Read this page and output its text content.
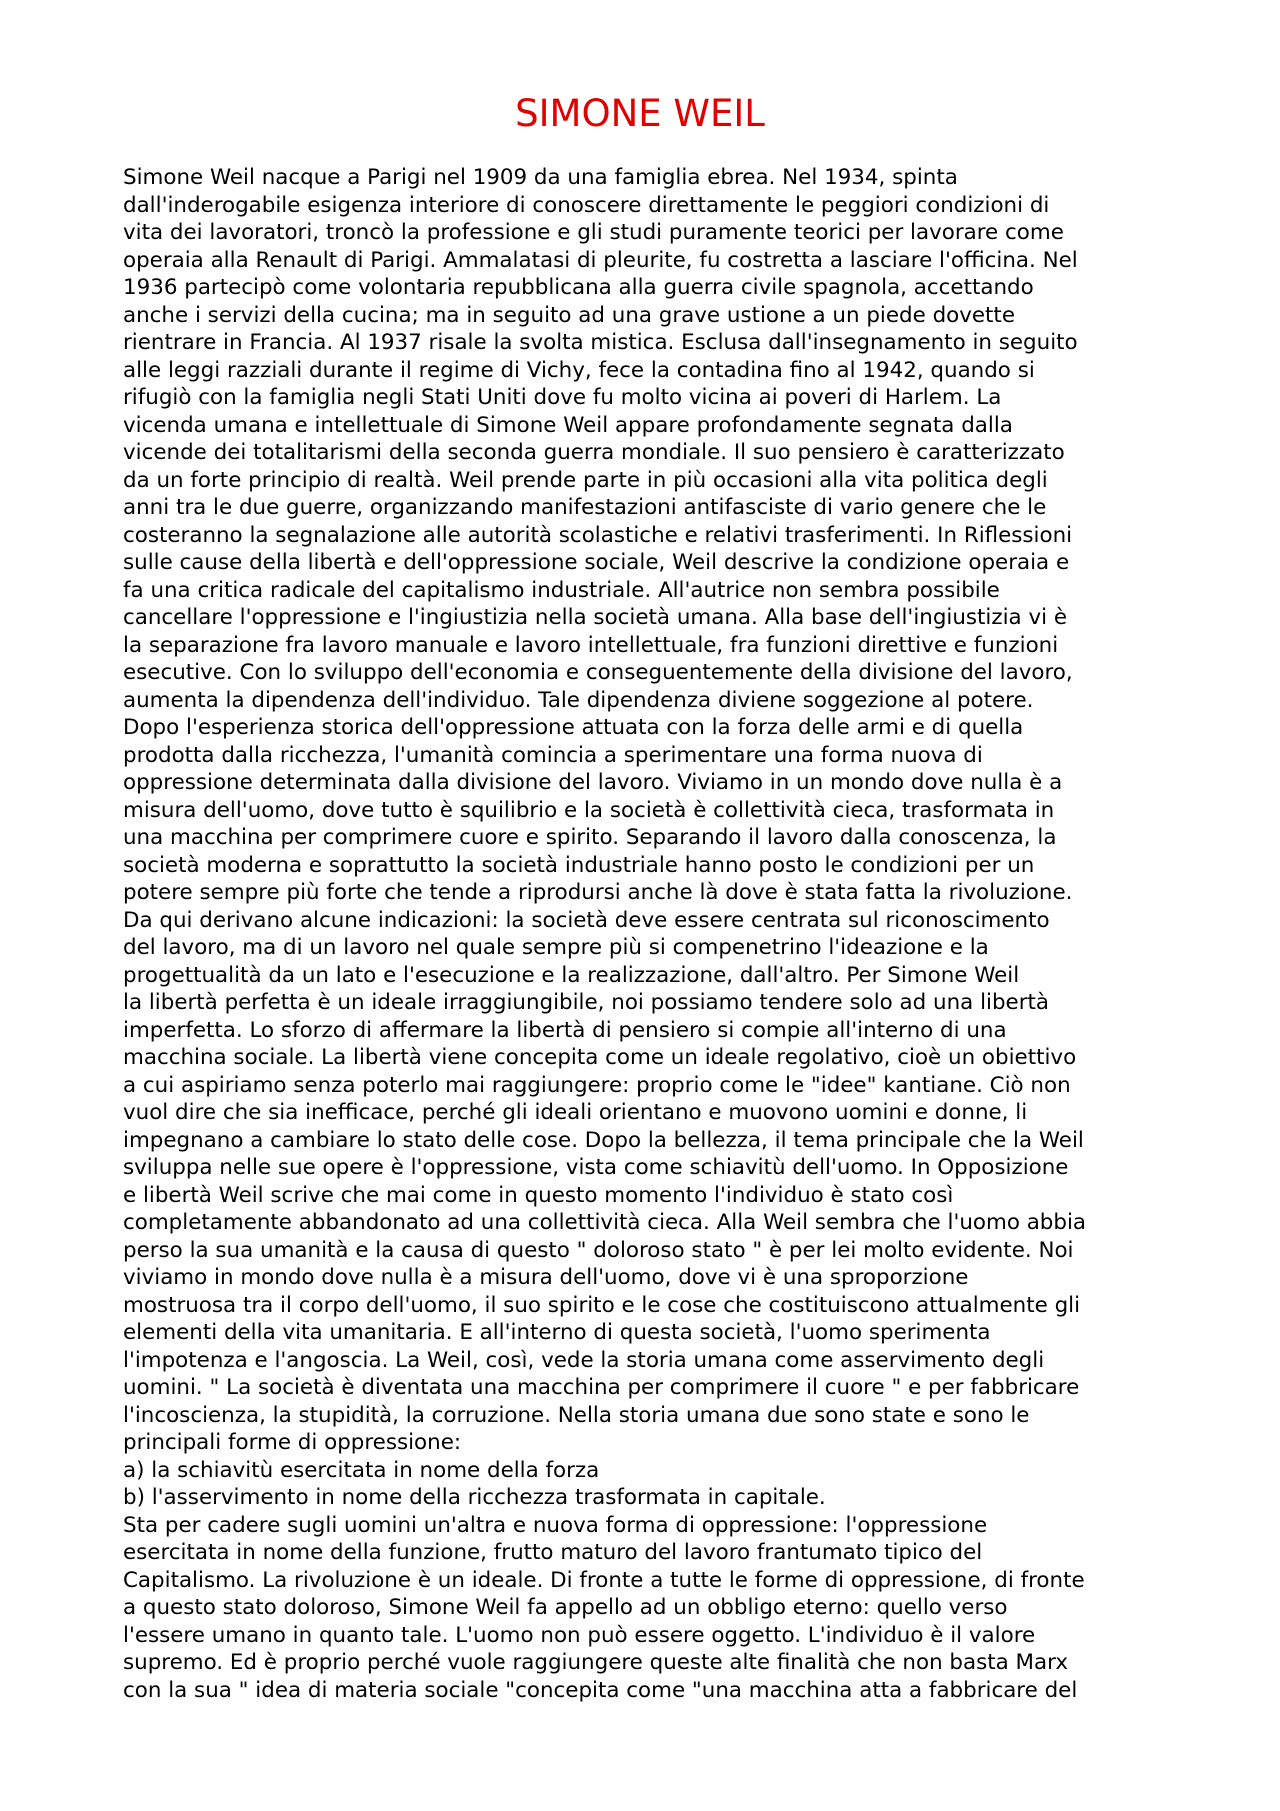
SIMONE WEIL
Simone Weil nacque a Parigi nel 1909 da una famiglia ebrea. Nel 1934, spinta
dall'inderogabile esigenza interiore di conoscere direttamente le peggiori condizioni di
vita dei lavoratori, troncò la professione e gli studi puramente teorici per lavorare come
operaia alla Renault di Parigi. Ammalatasi di pleurite, fu costretta a lasciare l'officina. Nel
1936 partecipò come volontaria repubblicana alla guerra civile spagnola, accettando
anche i servizi della cucina; ma in seguito ad una grave ustione a un piede dovette
rientrare in Francia. Al 1937 risale la svolta mistica. Esclusa dall'insegnamento in seguito
alle leggi razziali durante il regime di Vichy, fece la contadina fino al 1942, quando si
rifugiò con la famiglia negli Stati Uniti dove fu molto vicina ai poveri di Harlem. La
vicenda umana e intellettuale di Simone Weil appare profondamente segnata dalla
vicende dei totalitarismi della seconda guerra mondiale. Il suo pensiero è caratterizzato
da un forte principio di realtà. Weil prende parte in più occasioni alla vita politica degli
anni tra le due guerre, organizzando manifestazioni antifasciste di vario genere che le
costeranno la segnalazione alle autorità scolastiche e relativi trasferimenti. In Riflessioni
sulle cause della libertà e dell'oppressione sociale, Weil descrive la condizione operaia e
fa una critica radicale del capitalismo industriale. All'autrice non sembra possibile
cancellare l'oppressione e l'ingiustizia nella società umana. Alla base dell'ingiustizia vi è
la separazione fra lavoro manuale e lavoro intellettuale, fra funzioni direttive e funzioni
esecutive. Con lo sviluppo dell'economia e conseguentemente della divisione del lavoro,
aumenta la dipendenza dell'individuo. Tale dipendenza diviene soggezione al potere.
Dopo l'esperienza storica dell'oppressione attuata con la forza delle armi e di quella
prodotta dalla ricchezza, l'umanità comincia a sperimentare una forma nuova di
oppressione determinata dalla divisione del lavoro. Viviamo in un mondo dove nulla è a
misura dell'uomo, dove tutto è squilibrio e la società è collettività cieca, trasformata in
una macchina per comprimere cuore e spirito. Separando il lavoro dalla conoscenza, la
società moderna e soprattutto la società industriale hanno posto le condizioni per un
potere sempre più forte che tende a riprodursi anche là dove è stata fatta la rivoluzione.
Da qui derivano alcune indicazioni: la società deve essere centrata sul riconoscimento
del lavoro, ma di un lavoro nel quale sempre più si compenetrino l'ideazione e la
progettualità da un lato e l'esecuzione e la realizzazione, dall'altro. Per Simone Weil
la libertà perfetta è un ideale irraggiungibile, noi possiamo tendere solo ad una libertà
imperfetta. Lo sforzo di affermare la libertà di pensiero si compie all'interno di una
macchina sociale. La libertà viene concepita come un ideale regolativo, cioè un obiettivo
a cui aspiriamo senza poterlo mai raggiungere: proprio come le "idee" kantiane. Ciò non
vuol dire che sia inefficace, perché gli ideali orientano e muovono uomini e donne, li
impegnano a cambiare lo stato delle cose. Dopo la bellezza, il tema principale che la Weil
sviluppa nelle sue opere è l'oppressione, vista come schiavitù dell'uomo. In Opposizione
e libertà Weil scrive che mai come in questo momento l'individuo è stato così
completamente abbandonato ad una collettività cieca. Alla Weil sembra che l'uomo abbia
perso la sua umanità e la causa di questo " doloroso stato " è per lei molto evidente. Noi
viviamo in mondo dove nulla è a misura dell'uomo, dove vi è una sproporzione
mostruosa tra il corpo dell'uomo, il suo spirito e le cose che costituiscono attualmente gli
elementi della vita umanitaria. E all'interno di questa società, l'uomo sperimenta
l'impotenza e l'angoscia. La Weil, così, vede la storia umana come asservimento degli
uomini. " La società è diventata una macchina per comprimere il cuore " e per fabbricare
l'incoscienza, la stupidità, la corruzione. Nella storia umana due sono state e sono le
principali forme di oppressione:
a) la schiavitù esercitata in nome della forza
b) l'asservimento in nome della ricchezza trasformata in capitale.
Sta per cadere sugli uomini un'altra e nuova forma di oppressione: l'oppressione
esercitata in nome della funzione, frutto maturo del lavoro frantumato tipico del
Capitalismo. La rivoluzione è un ideale. Di fronte a tutte le forme di oppressione, di fronte
a questo stato doloroso, Simone Weil fa appello ad un obbligo eterno: quello verso
l'essere umano in quanto tale. L'uomo non può essere oggetto. L'individuo è il valore
supremo. Ed è proprio perché vuole raggiungere queste alte finalità che non basta Marx
con la sua " idea di materia sociale "concepita come "una macchina atta a fabbricare del
